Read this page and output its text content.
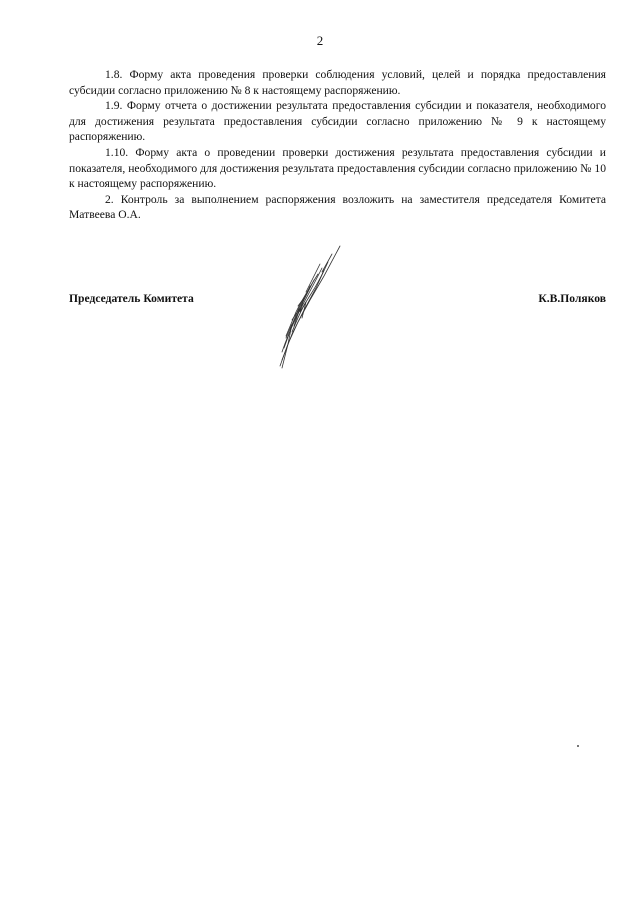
2

1.8. Форму акта проведения проверки соблюдения условий, целей и порядка предоставления субсидии согласно приложению № 8 к настоящему распоряжению.

1.9. Форму отчета о достижении результата предоставления субсидии и показателя, необходимого для достижения результата предоставления субсидии согласно приложению № 9 к настоящему распоряжению.

1.10. Форму акта о проведении проверки достижения результата предоставления субсидии и показателя, необходимого для достижения результата предоставления субсидии согласно приложению № 10 к настоящему распоряжению.

2. Контроль за выполнением распоряжения возложить на заместителя председателя Комитета Матвеева О.А.

Председатель Комитета	К.В.Поляков
